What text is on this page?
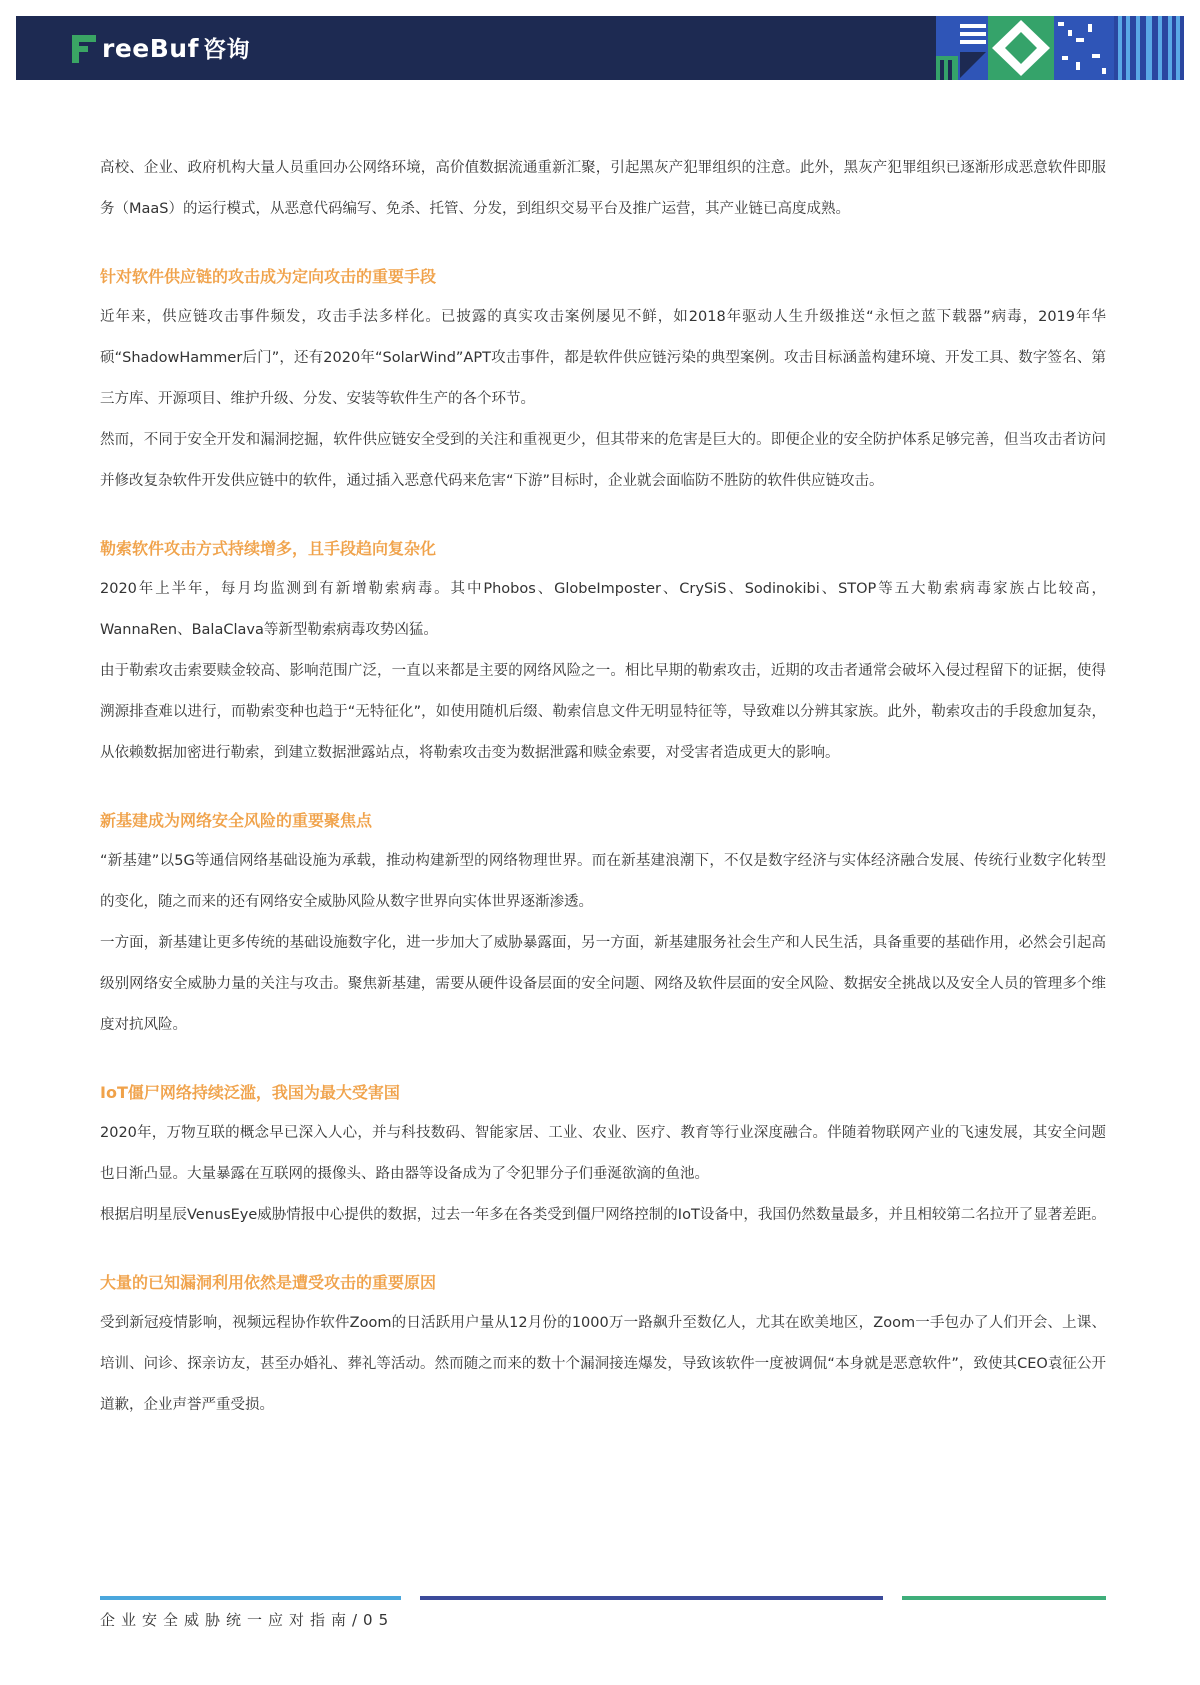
reeBuf 咨询

高校、企业、政府机构大量人员重回办公网络环境，高价值数据流通重新汇聚，引起黑灰产犯罪组织的注意。此外，黑灰产犯罪组织已逐渐形成恶意软件即服务（MaaS）的运行模式，从恶意代码编写、免杀、托管、分发，到组织交易平台及推广运营，其产业链已高度成熟。

针对软件供应链的攻击成为定向攻击的重要手段

近年来，供应链攻击事件频发，攻击手法多样化。已披露的真实攻击案例屡见不鲜，如2018年驱动人生升级推送“永恒之蓝下载器”病毒，2019年华硕“ShadowHammer后门”，还有2020年“SolarWind”APT攻击事件，都是软件供应链污染的典型案例。攻击目标涵盖构建环境、开发工具、数字签名、第三方库、开源项目、维护升级、分发、安装等软件生产的各个环节。

然而，不同于安全开发和漏洞挖掘，软件供应链安全受到的关注和重视更少，但其带来的危害是巨大的。即便企业的安全防护体系足够完善，但当攻击者访问并修改复杂软件开发供应链中的软件，通过插入恶意代码来危害“下游”目标时，企业就会面临防不胜防的软件供应链攻击。

勒索软件攻击方式持续增多，且手段趋向复杂化

2020年上半年，每月均监测到有新增勒索病毒。其中Phobos、GlobeImposter、CrySiS、Sodinokibi、STOP等五大勒索病毒家族占比较高，WannaRen、BalaClava等新型勒索病毒攻势凶猛。

由于勒索攻击索要赎金较高、影响范围广泛，一直以来都是主要的网络风险之一。相比早期的勒索攻击，近期的攻击者通常会破坏入侵过程留下的证据，使得溯源排查难以进行，而勒索变种也趋于“无特征化”，如使用随机后缀、勒索信息文件无明显特征等，导致难以分辨其家族。此外，勒索攻击的手段愈加复杂，从依赖数据加密进行勒索，到建立数据泄露站点，将勒索攻击变为数据泄露和赎金索要，对受害者造成更大的影响。

新基建成为网络安全风险的重要聚焦点

“新基建”以5G等通信网络基础设施为承载，推动构建新型的网络物理世界。而在新基建浪潮下，不仅是数字经济与实体经济融合发展、传统行业数字化转型的变化，随之而来的还有网络安全威胁风险从数字世界向实体世界逐渐渗透。

一方面，新基建让更多传统的基础设施数字化，进一步加大了威胁暴露面，另一方面，新基建服务社会生产和人民生活，具备重要的基础作用，必然会引起高级别网络安全威胁力量的关注与攻击。聚焦新基建，需要从硬件设备层面的安全问题、网络及软件层面的安全风险、数据安全挑战以及安全人员的管理多个维度对抗风险。

IoT僵尸网络持续泛滥，我国为最大受害国

2020年，万物互联的概念早已深入人心，并与科技数码、智能家居、工业、农业、医疗、教育等行业深度融合。伴随着物联网产业的飞速发展，其安全问题也日渐凸显。大量暴露在互联网的摄像头、路由器等设备成为了令犯罪分子们垂涎欲滴的鱼池。

根据启明星辰VenusEye威胁情报中心提供的数据，过去一年多在各类受到僵尸网络控制的IoT设备中，我国仍然数量最多，并且相较第二名拉开了显著差距。

大量的已知漏洞利用依然是遭受攻击的重要原因

受到新冠疫情影响，视频远程协作软件Zoom的日活跃用户量从12月份的1000万一路飙升至数亿人，尤其在欧美地区，Zoom一手包办了人们开会、上课、培训、问诊、探亲访友，甚至办婚礼、葬礼等活动。然而随之而来的数十个漏洞接连爆发，导致该软件一度被调侃“本身就是恶意软件”，致使其CEO袁征公开道歉，企业声誉严重受损。

企业安全威胁统一应对指南/05
